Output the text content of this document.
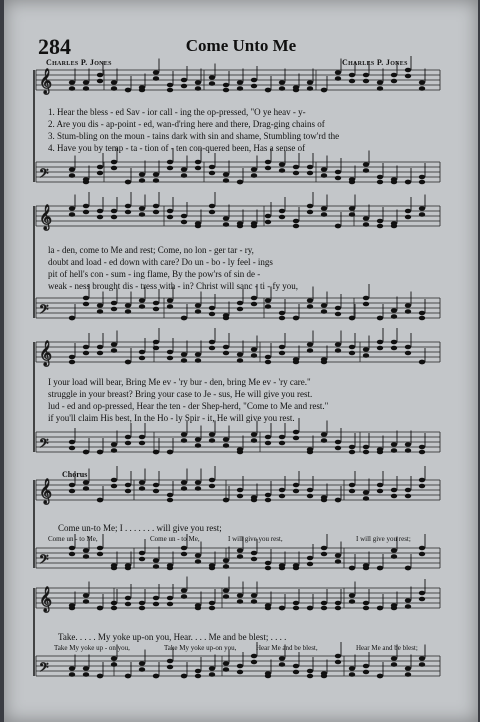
284	Come Unto Me
Charles P. Jones	Charles P. Jones
𝄞
𝄢
𝄞
𝄢
𝄞
𝄢
𝄞
𝄢
𝄞
𝄢
1. Hear the bless - ed Sav - ior call - ing the op-pressed, "O ye heav - y-
2. Are you dis - ap-point - ed, wan-d'ring here and there, Drag-ging chains of
3. Stum-bling on the moun - tains dark with sin and shame, Stumbling tow'rd the
4. Have you by temp - ta - tion of - ten con-quered been, Has a sense of
la - den, come to Me and rest; Come, no lon - ger tar - ry,
doubt and load - ed down with care? Do un - bo - ly feel - ings
pit of hell's con - sum - ing flame, By the pow'rs of sin de -
weak - ness brought dis - tress with - in? Christ will sanc - ti - fy you,
I your load will bear, Bring Me ev - 'ry bur - den, bring Me ev - 'ry care."
struggle in your breast? Bring your case to Je - sus, He will give you rest.
lud - ed and op-pressed, Hear the ten - der Shep-herd, "Come to Me and rest."
if you'll claim His best, In the Ho - ly Spir - it, He will give you rest.
Chorus
Come un-to Me; I . . . . . . . will give you rest;
Come un - to Me,	Come un - to Me,	I will give you rest,	I will give you rest;
Take. . . . . My yoke up-on you, Hear. . . . Me and be blest; . . . .
Take My yoke up - on you,	Take My yoke up-on you,	Hear Me and be blest,	Hear Me and be blest;
